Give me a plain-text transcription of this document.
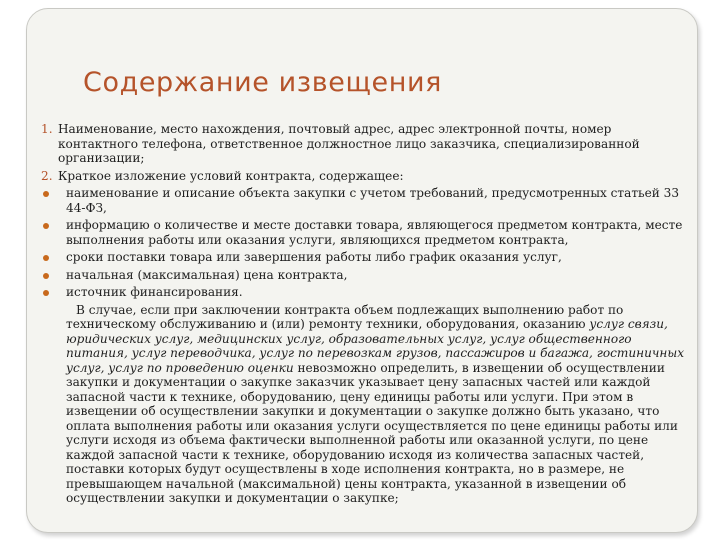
Содержание извещения
1. Наименование, место нахождения, почтовый адрес, адрес электронной почты, номер контактного телефона, ответственное должностное лицо заказчика, специализированной организации;
2. Краткое изложение условий контракта, содержащее:
наименование и описание объекта закупки с учетом требований, предусмотренных статьей 33 44-ФЗ,
информацию о количестве и месте доставки товара, являющегося предметом контракта, месте выполнения работы или оказания услуги, являющихся предметом контракта,
сроки поставки товара или завершения работы либо график оказания услуг,
начальная (максимальная) цена контракта,
источник финансирования.
В случае, если при заключении контракта объем подлежащих выполнению работ по техническому обслуживанию и (или) ремонту техники, оборудования, оказанию услуг связи, юридических услуг, медицинских услуг, образовательных услуг, услуг общественного питания, услуг переводчика, услуг по перевозкам грузов, пассажиров и багажа, гостиничных услуг, услуг по проведению оценки невозможно определить, в извещении об осуществлении закупки и документации о закупке заказчик указывает цену запасных частей или каждой запасной части к технике, оборудованию, цену единицы работы или услуги. При этом в извещении об осуществлении закупки и документации о закупке должно быть указано, что оплата выполнения работы или оказания услуги осуществляется по цене единицы работы или услуги исходя из объема фактически выполненной работы или оказанной услуги, по цене каждой запасной части к технике, оборудованию исходя из количества запасных частей, поставки которых будут осуществлены в ходе исполнения контракта, но в размере, не превышающем начальной (максимальной) цены контракта, указанной в извещении об осуществлении закупки и документации о закупке;
